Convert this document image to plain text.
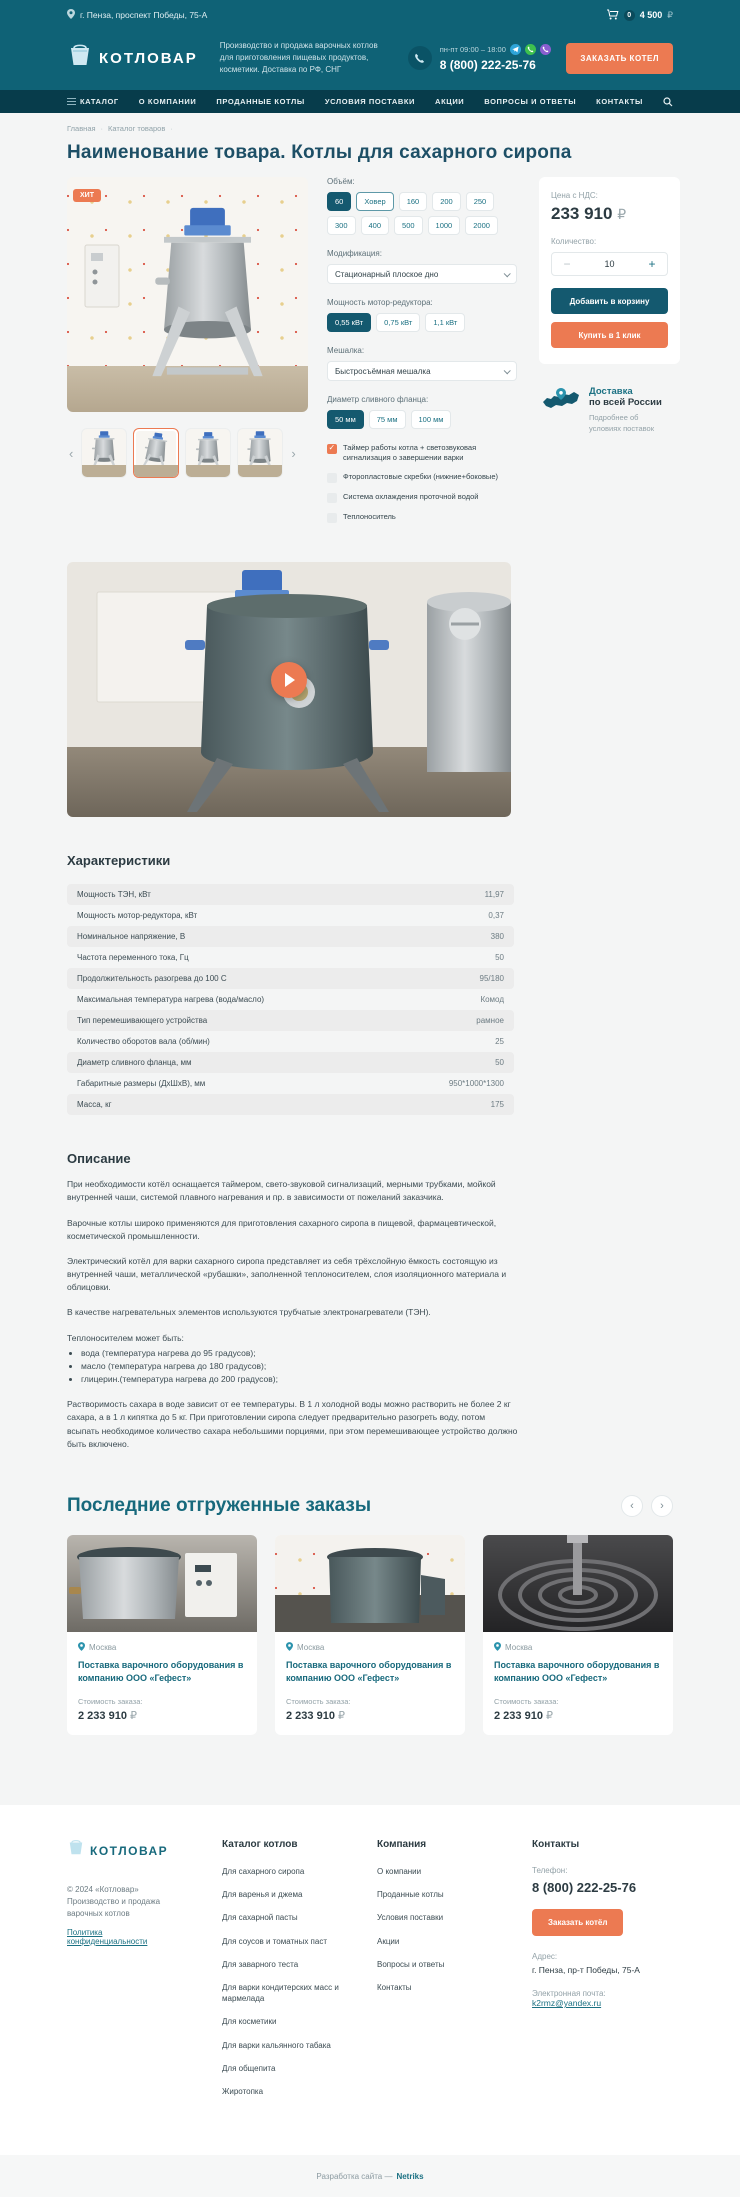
г. Пенза, проспект Победы, 75-А	0 4 500 ₽
КОТЛОВАР
Производство и продажа варочных котлов для приготовления пищевых продуктов, косметики. Доставка по РФ, СНГ
пн-пт 09:00 – 18:00
8 (800) 222-25-76	ЗАКАЗАТЬ КОТЕЛ
КАТАЛОГ	О КОМПАНИИ	ПРОДАННЫЕ КОТЛЫ	УСЛОВИЯ ПОСТАВКИ	АКЦИИ	ВОПРОСЫ И ОТВЕТЫ	КОНТАКТЫ
Главная · Каталог товаров ·
Наименование товара. Котлы для сахарного сиропа
ХИТ
‹	›
Объём:
60	Ховер	160	200	250
300	400	500	1000	2000
Модификация:
Стационарный плоское дно
Мощность мотор-редуктора:
0,55 кВт	0,75 кВт	1,1 кВт
Мешалка:
Быстросъёмная мешалка
Диаметр сливного фланца:
50 мм	75 мм	100 мм
✓
Таймер работы котла + светозвуковая сигнализация о завершении варки
Фторопластовые скребки (нижние+боковые)
Система охлаждения проточной водой
Теплоноситель
Цена с НДС:
233 910 ₽
Количество:
−
10	+
Добавить в корзину
Купить в 1 клик
Доставка
по всей России
Подробнее об условиях поставок
Характеристики
Мощность ТЭН, кВт	11,97
Мощность мотор-редуктора, кВт	0,37
Номинальное напряжение, В	380
Частота переменного тока, Гц	50
Продолжительность разогрева до 100 С	95/180
Максимальная температура нагрева (вода/масло)	Комод
Тип перемешивающего устройства	рамное
Количество оборотов вала (об/мин)	25
Диаметр сливного фланца, мм	50
Габаритные размеры (ДхШхВ), мм	950*1000*1300
Масса, кг	175
Описание

При необходимости котёл оснащается таймером, свето-звуковой сигнализаций, мерными трубками, мойкой внутренней чаши, системой плавного нагревания и пр. в зависимости от пожеланий заказчика.

Варочные котлы широко применяются для приготовления сахарного сиропа в пищевой, фармацевтической, косметической промышленности.

Электрический котёл для варки сахарного сиропа представляет из себя трёхслойную ёмкость состоящую из внутренней чаши, металлической «рубашки», заполненной теплоносителем, слоя изоляционного материала и облицовки.

В качестве нагревательных элементов используются трубчатые электронагреватели (ТЭН).

Теплоносителем может быть:

• вода (температура нагрева до 95 градусов);
• масло (температура нагрева до 180 градусов);
• глицерин.(температура нагрева до 200 градусов);

Растворимость сахара в воде зависит от ее температуры. В 1 л холодной воды можно растворить не более 2 кг сахара, а в 1 л кипятка до 5 кг. При приготовлении сиропа следует предварительно разогреть воду, потом всыпать необходимое количество сахара небольшими порциями, при этом перемешивающее устройство должно быть включено.

Последние отгруженные заказы	‹	›
Москва
Поставка варочного оборудования в компанию ООО «Гефест»
Стоимость заказа:
2 233 910 ₽
Москва
Поставка варочного оборудования в компанию ООО «Гефест»
Стоимость заказа:
2 233 910 ₽
Москва
Поставка варочного оборудования в компанию ООО «Гефест»
Стоимость заказа:
2 233 910 ₽
КОТЛОВАР
© 2024 «Котловар» Производство и продажа варочных котлов
Политика конфиденциальности
Каталог котлов
Для сахарного сиропа
Для варенья и джема
Для сахарной пасты
Для соусов и томатных паст
Для заварного теста
Для варки кондитерских масс и мармелада
Для косметики
Для варки кальянного табака
Для общепита
Жиротопка
Компания
О компании
Проданные котлы
Условия поставки
Акции
Вопросы и ответы
Контакты
Контакты
Телефон:
8 (800) 222-25-76
Заказать котёл
Адрес:
г. Пенза, пр-т Победы, 75-А
Электронная почта:
k2rmz@yandex.ru
Разработка сайта — Netriks
